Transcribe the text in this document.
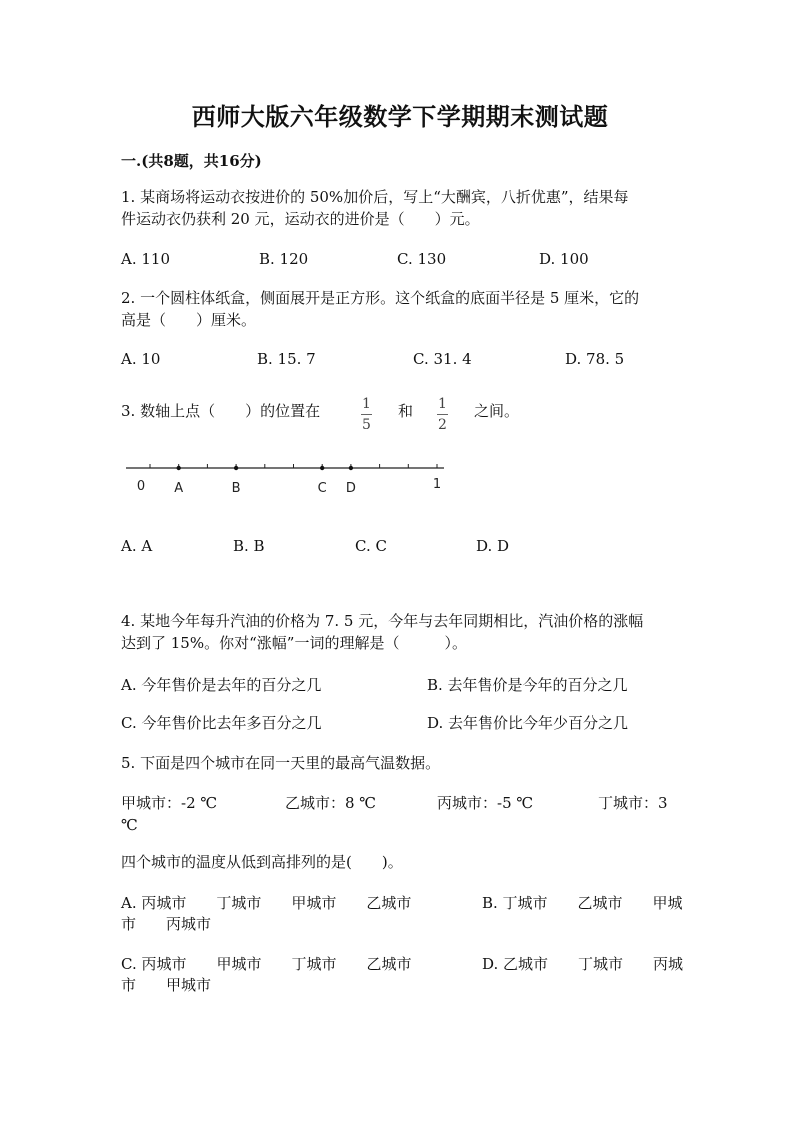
西师大版六年级数学下学期期末测试题
一.(共8题，共16分)
1. 某商场将运动衣按进价的 50%加价后，写上“大酬宾，八折优惠”，结果每
件运动衣仍获利 20 元，运动衣的进价是（　　）元。
A. 110	B. 120	C. 130	D. 100
2. 一个圆柱体纸盒，侧面展开是正方形。这个纸盒的底面半径是 5 厘米，它的
高是（　　）厘米。
A. 10	B. 15. 7	C. 31. 4	D. 78. 5
3. 数轴上点（　　）的位置在	1
5
和 1
2
之间。
A	B	C D
0	1
A. A	B. B	C. C	D. D
4. 某地今年每升汽油的价格为 7. 5 元，今年与去年同期相比，汽油价格的涨幅
达到了 15%。你对“涨幅”一词的理解是（　　　）。
A. 今年售价是去年的百分之几	B. 去年售价是今年的百分之几
C. 今年售价比去年多百分之几	D. 去年售价比今年少百分之几
5. 下面是四个城市在同一天里的最高气温数据。
甲城市：-2 ℃	乙城市：8 ℃	丙城市：-5 ℃	丁城市：3
℃
四个城市的温度从低到高排列的是(　　)。
A. 丙城市　　丁城市　　甲城市　　乙城市	B. 丁城市　　乙城市　　甲城
市　　丙城市
C. 丙城市　　甲城市　　丁城市　　乙城市	D. 乙城市　　丁城市　　丙城
市　　甲城市
